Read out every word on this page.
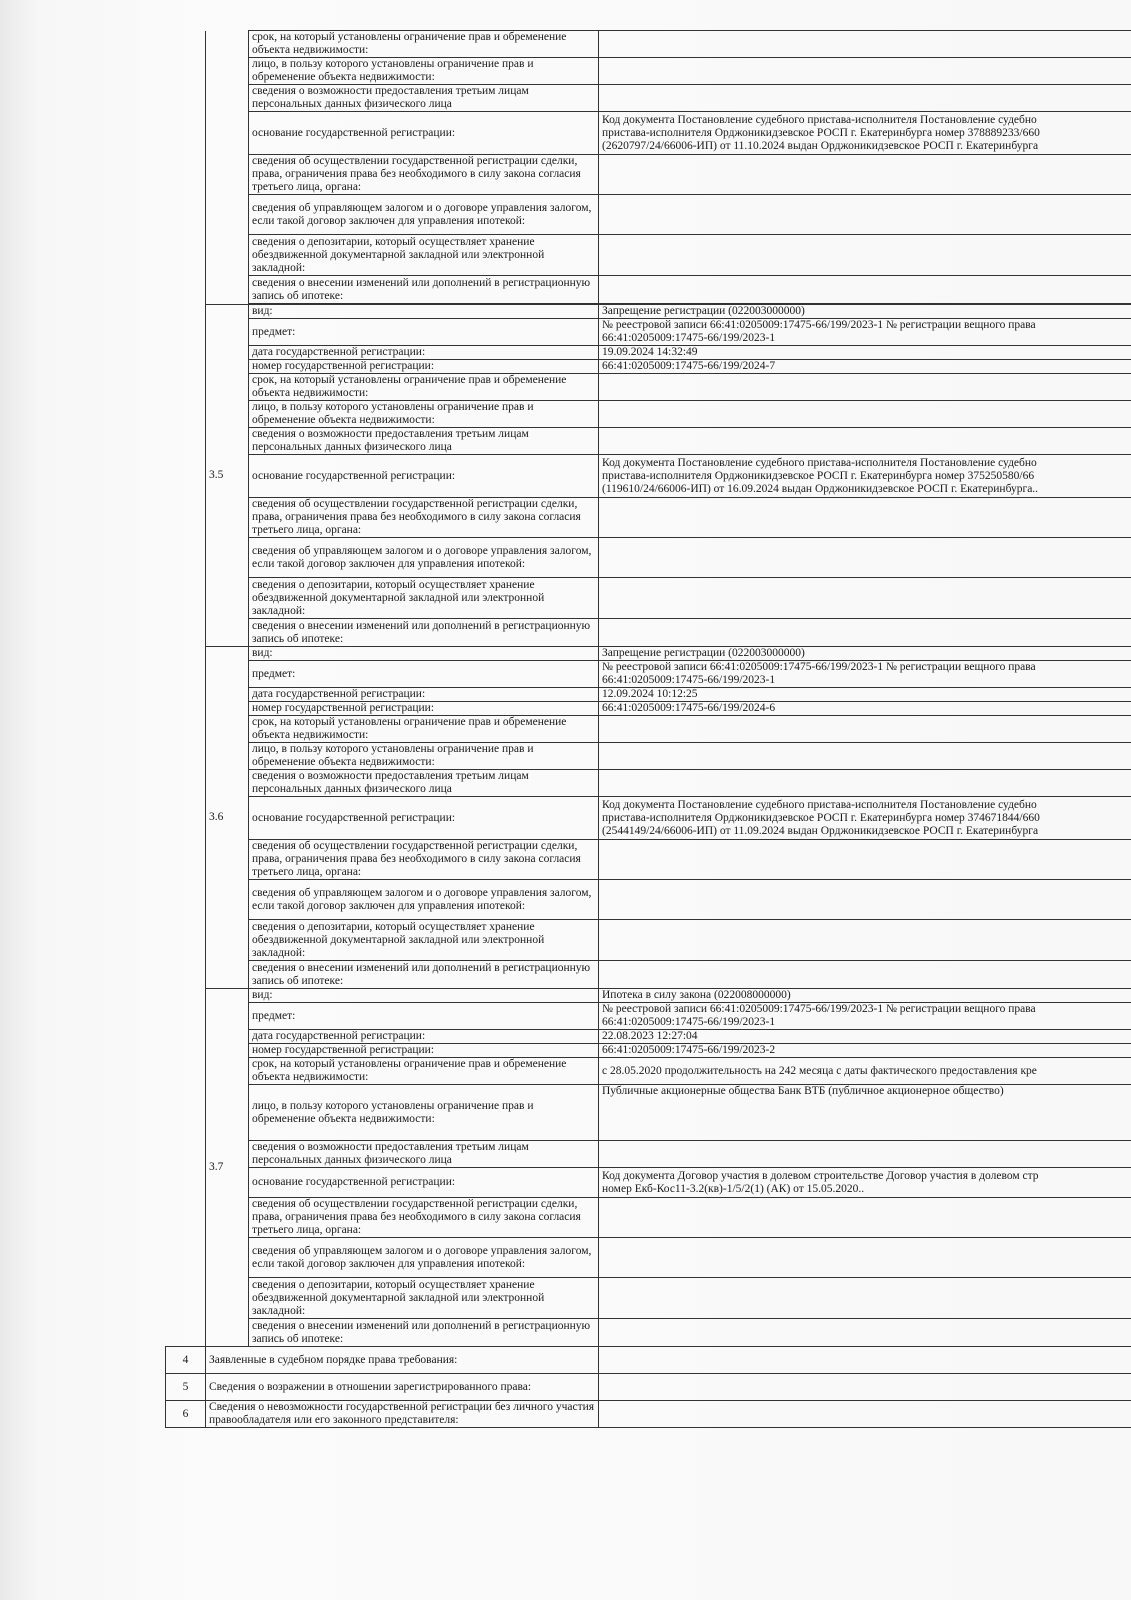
		срок, на который установлены ограничение прав и обременение объекта недвижимости:	
		лицо, в пользу которого установлены ограничение прав и обременение объекта недвижимости:	
		сведения о возможности предоставления третьим лицам персональных данных физического лица	
		основание государственной регистрации:	Код документа Постановление судебного пристава-исполнителя Постановление судебно
пристава-исполнителя Орджоникидзевское РОСП г. Екатеринбурга номер 378889233/660
(2620797/24/66006-ИП) от 11.10.2024 выдан Орджоникидзевское РОСП г. Екатеринбурга

		сведения об осуществлении государственной регистрации сделки, права, ограничения права без необходимого в силу закона согласия третьего лица, органа:	
		сведения об управляющем залогом и о договоре управления залогом, если такой договор заключен для управления ипотекой:	
		сведения о депозитарии, который осуществляет хранение обездвиженной документарной закладной или электронной закладной:	
		сведения о внесении изменений или дополнений в регистрационную запись об ипотеке:	

	3.5	вид:	Запрещение регистрации (022003000000)
		предмет:	№ реестровой записи 66:41:0205009:17475-66/199/2023-1 № регистрации вещного права
66:41:0205009:17475-66/199/2023-1

		дата государственной регистрации:	19.09.2024 14:32:49
		номер государственной регистрации:	66:41:0205009:17475-66/199/2024-7
		срок, на который установлены ограничение прав и обременение объекта недвижимости:	
		лицо, в пользу которого установлены ограничение прав и обременение объекта недвижимости:	
		сведения о возможности предоставления третьим лицам персональных данных физического лица	
		основание государственной регистрации:	Код документа Постановление судебного пристава-исполнителя Постановление судебно
пристава-исполнителя Орджоникидзевское РОСП г. Екатеринбурга номер 375250580/66
(119610/24/66006-ИП) от 16.09.2024 выдан Орджоникидзевское РОСП г. Екатеринбурга..

		сведения об осуществлении государственной регистрации сделки, права, ограничения права без необходимого в силу закона согласия третьего лица, органа:	
		сведения об управляющем залогом и о договоре управления залогом, если такой договор заключен для управления ипотекой:	
		сведения о депозитарии, который осуществляет хранение обездвиженной документарной закладной или электронной закладной:	
		сведения о внесении изменений или дополнений в регистрационную запись об ипотеке:	
	3.6	вид:	Запрещение регистрации (022003000000)
		предмет:	№ реестровой записи 66:41:0205009:17475-66/199/2023-1 № регистрации вещного права
66:41:0205009:17475-66/199/2023-1

		дата государственной регистрации:	12.09.2024 10:12:25
		номер государственной регистрации:	66:41:0205009:17475-66/199/2024-6
		срок, на который установлены ограничение прав и обременение объекта недвижимости:	
		лицо, в пользу которого установлены ограничение прав и обременение объекта недвижимости:	
		сведения о возможности предоставления третьим лицам персональных данных физического лица	
		основание государственной регистрации:	Код документа Постановление судебного пристава-исполнителя Постановление судебно
пристава-исполнителя Орджоникидзевское РОСП г. Екатеринбурга номер 374671844/660
(2544149/24/66006-ИП) от 11.09.2024 выдан Орджоникидзевское РОСП г. Екатеринбурга

		сведения об осуществлении государственной регистрации сделки, права, ограничения права без необходимого в силу закона согласия третьего лица, органа:	
		сведения об управляющем залогом и о договоре управления залогом, если такой договор заключен для управления ипотекой:	
		сведения о депозитарии, который осуществляет хранение обездвиженной документарной закладной или электронной закладной:	
		сведения о внесении изменений или дополнений в регистрационную запись об ипотеке:	
	3.7	вид:	Ипотека в силу закона (022008000000)
		предмет:	№ реестровой записи 66:41:0205009:17475-66/199/2023-1 № регистрации вещного права
66:41:0205009:17475-66/199/2023-1

		дата государственной регистрации:	22.08.2023 12:27:04
		номер государственной регистрации:	66:41:0205009:17475-66/199/2023-2
		срок, на который установлены ограничение прав и обременение объекта недвижимости:	с 28.05.2020 продолжительность на 242 месяца с даты фактического предоставления кре
		лицо, в пользу которого установлены ограничение прав и обременение объекта недвижимости:	Публичные акционерные общества Банк ВТБ (публичное акционерное общество)

		сведения о возможности предоставления третьим лицам персональных данных физического лица	
		основание государственной регистрации:	Код документа Договор участия в долевом строительстве Договор участия в долевом стр
номер Екб-Кос11-3.2(кв)-1/5/2(1) (АК) от 15.05.2020..

		сведения об осуществлении государственной регистрации сделки, права, ограничения права без необходимого в силу закона согласия третьего лица, органа:	
		сведения об управляющем залогом и о договоре управления залогом, если такой договор заключен для управления ипотекой:	
		сведения о депозитарии, который осуществляет хранение обездвиженной документарной закладной или электронной закладной:	
		сведения о внесении изменений или дополнений в регистрационную запись об ипотеке:	
4	Заявленные в судебном порядке права требования:		
5	Сведения о возражении в отношении зарегистрированного права:		
6	Сведения о невозможности государственной регистрации без личного участия правообладателя или его законного представителя:		
